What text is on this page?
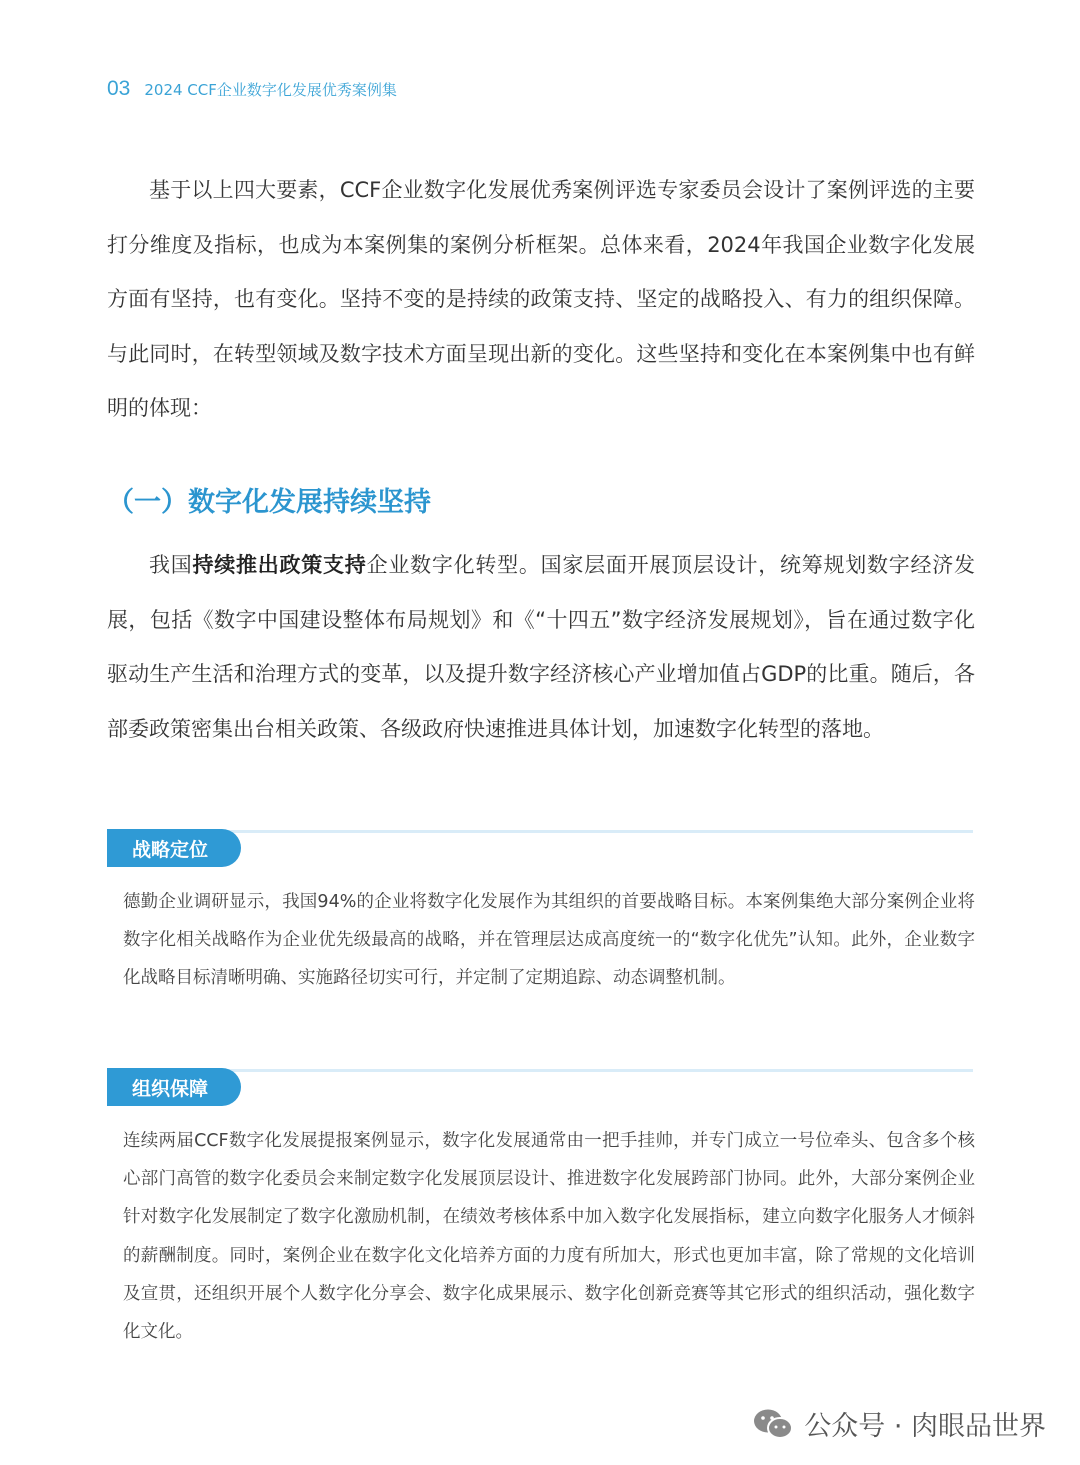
03 2024 CCF企业数字化发展优秀案例集

基于以上四大要素，CCF企业数字化发展优秀案例评选专家委员会设计了案例评选的主要打分维度及指标，也成为本案例集的案例分析框架。总体来看，2024年我国企业数字化发展方面有坚持，也有变化。坚持不变的是持续的政策支持、坚定的战略投入、有力的组织保障。与此同时，在转型领域及数字技术方面呈现出新的变化。这些坚持和变化在本案例集中也有鲜明的体现：

（一）数字化发展持续坚持

我国持续推出政策支持企业数字化转型。国家层面开展顶层设计，统筹规划数字经济发展，包括《数字中国建设整体布局规划》和《“十四五”数字经济发展规划》，旨在通过数字化驱动生产生活和治理方式的变革，以及提升数字经济核心产业增加值占GDP的比重。随后，各部委政策密集出台相关政策、各级政府快速推进具体计划，加速数字化转型的落地。

战略定位

德勤企业调研显示，我国94%的企业将数字化发展作为其组织的首要战略目标。本案例集绝大部分案例企业将数字化相关战略作为企业优先级最高的战略，并在管理层达成高度统一的“数字化优先”认知。此外，企业数字化战略目标清晰明确、实施路径切实可行，并定制了定期追踪、动态调整机制。

组织保障

连续两届CCF数字化发展提报案例显示，数字化发展通常由一把手挂帅，并专门成立一号位牵头、包含多个核心部门高管的数字化委员会来制定数字化发展顶层设计、推进数字化发展跨部门协同。此外，大部分案例企业针对数字化发展制定了数字化激励机制，在绩效考核体系中加入数字化发展指标，建立向数字化服务人才倾斜的薪酬制度。同时，案例企业在数字化文化培养方面的力度有所加大，形式也更加丰富，除了常规的文化培训及宣贯，还组织开展个人数字化分享会、数字化成果展示、数字化创新竞赛等其它形式的组织活动，强化数字化文化。

公众号 · 肉眼品世界
